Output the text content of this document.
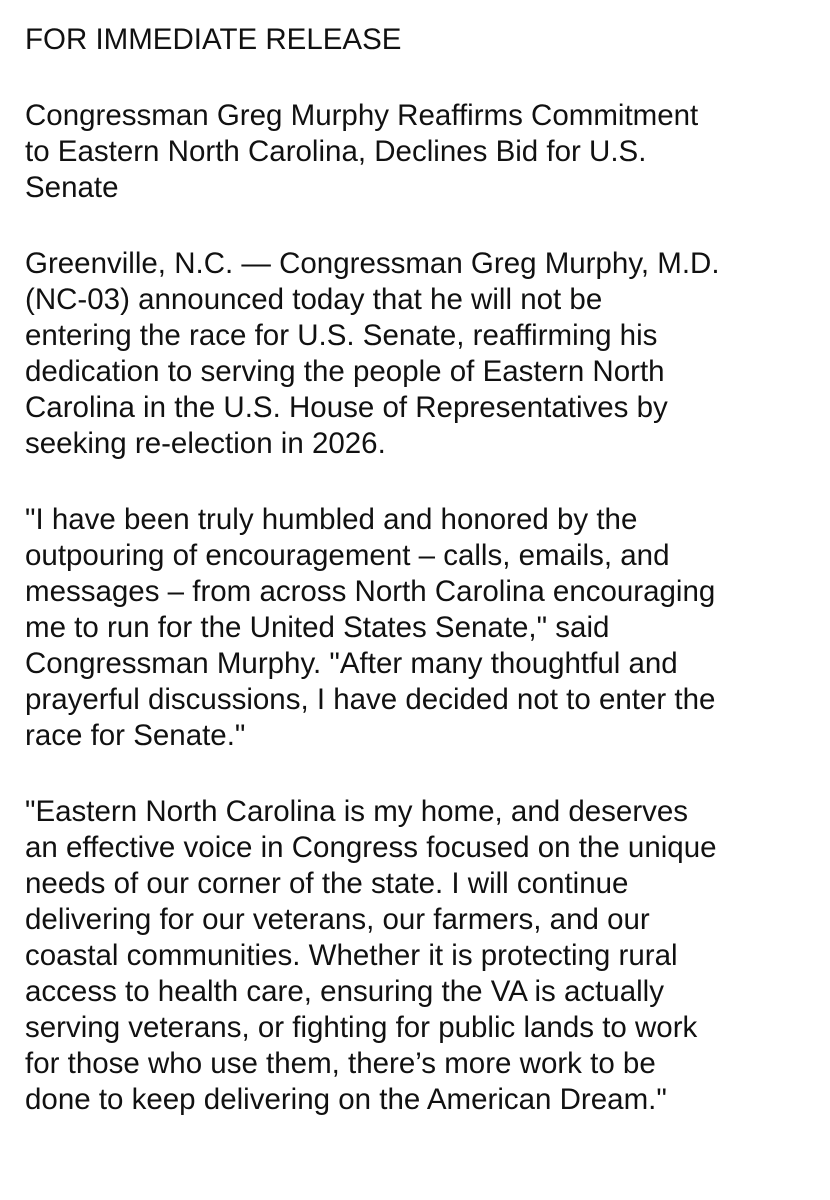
FOR IMMEDIATE RELEASE

Congressman Greg Murphy Reaffirms Commitment
to Eastern North Carolina, Declines Bid for U.S.
Senate

Greenville, N.C. — Congressman Greg Murphy, M.D.
(NC-03) announced today that he will not be
entering the race for U.S. Senate, reaffirming his
dedication to serving the people of Eastern North
Carolina in the U.S. House of Representatives by
seeking re-election in 2026.

"I have been truly humbled and honored by the
outpouring of encouragement – calls, emails, and
messages – from across North Carolina encouraging
me to run for the United States Senate," said
Congressman Murphy. "After many thoughtful and
prayerful discussions, I have decided not to enter the
race for Senate."

"Eastern North Carolina is my home, and deserves
an effective voice in Congress focused on the unique
needs of our corner of the state. I will continue
delivering for our veterans, our farmers, and our
coastal communities. Whether it is protecting rural
access to health care, ensuring the VA is actually
serving veterans, or fighting for public lands to work
for those who use them, there’s more work to be
done to keep delivering on the American Dream."
